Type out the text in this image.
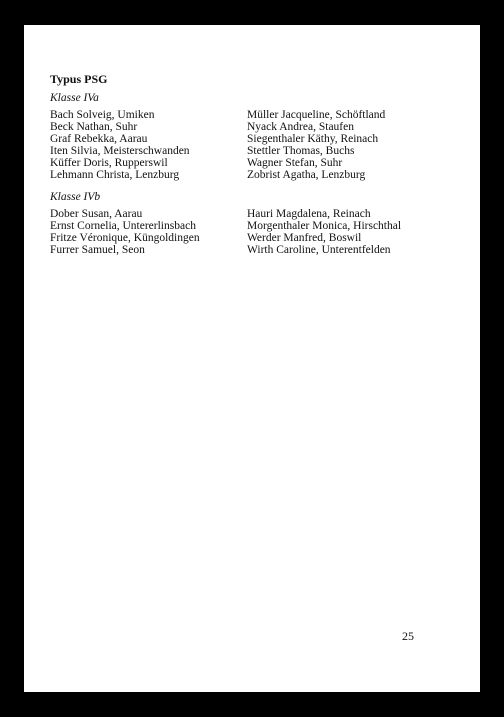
Typus PSG

Klasse IVa

Bach Solveig, Umiken
Beck Nathan, Suhr
Graf Rebekka, Aarau
Iten Silvia, Meisterschwanden
Küffer Doris, Rupperswil
Lehmann Christa, Lenzburg
Müller Jacqueline, Schöftland
Nyack Andrea, Staufen
Siegenthaler Käthy, Reinach
Stettler Thomas, Buchs
Wagner Stefan, Suhr
Zobrist Agatha, Lenzburg

Klasse IVb

Dober Susan, Aarau
Ernst Cornelia, Untererlinsbach
Fritze Véronique, Küngoldingen
Furrer Samuel, Seon
Hauri Magdalena, Reinach
Morgenthaler Monica, Hirschthal
Werder Manfred, Boswil
Wirth Caroline, Unterentfelden
25
